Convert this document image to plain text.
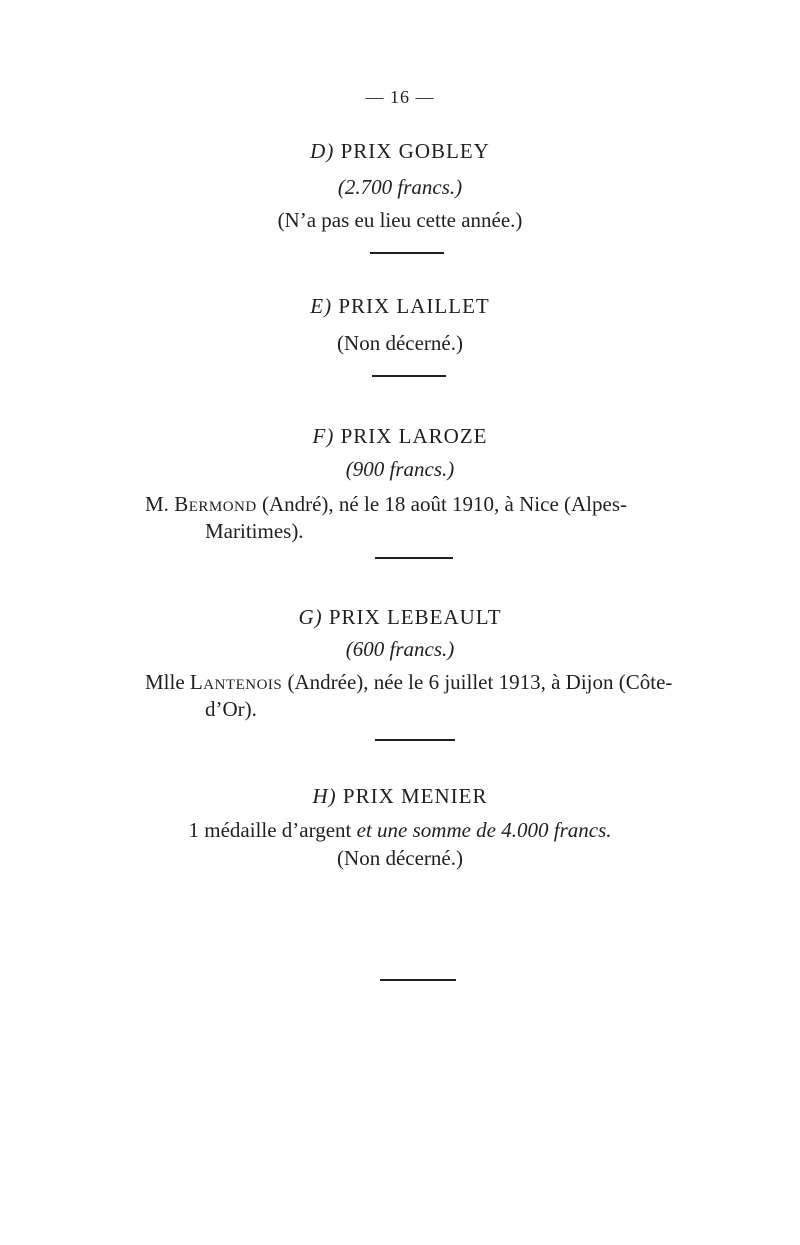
— 16 —
D) PRIX GOBLEY
(2.700 francs.)
(N’a pas eu lieu cette année.)
E) PRIX LAILLET
(Non décerné.)
F) PRIX LAROZE
(900 francs.)
M. Bermond (André), né le 18 août 1910, à Nice (Alpes-
Maritimes).
G) PRIX LEBEAULT
(600 francs.)
Mlle Lantenois (Andrée), née le 6 juillet 1913, à Dijon (Côte-
d’Or).
H) PRIX MENIER
1 médaille d’argent et une somme de 4.000 francs.
(Non décerné.)
